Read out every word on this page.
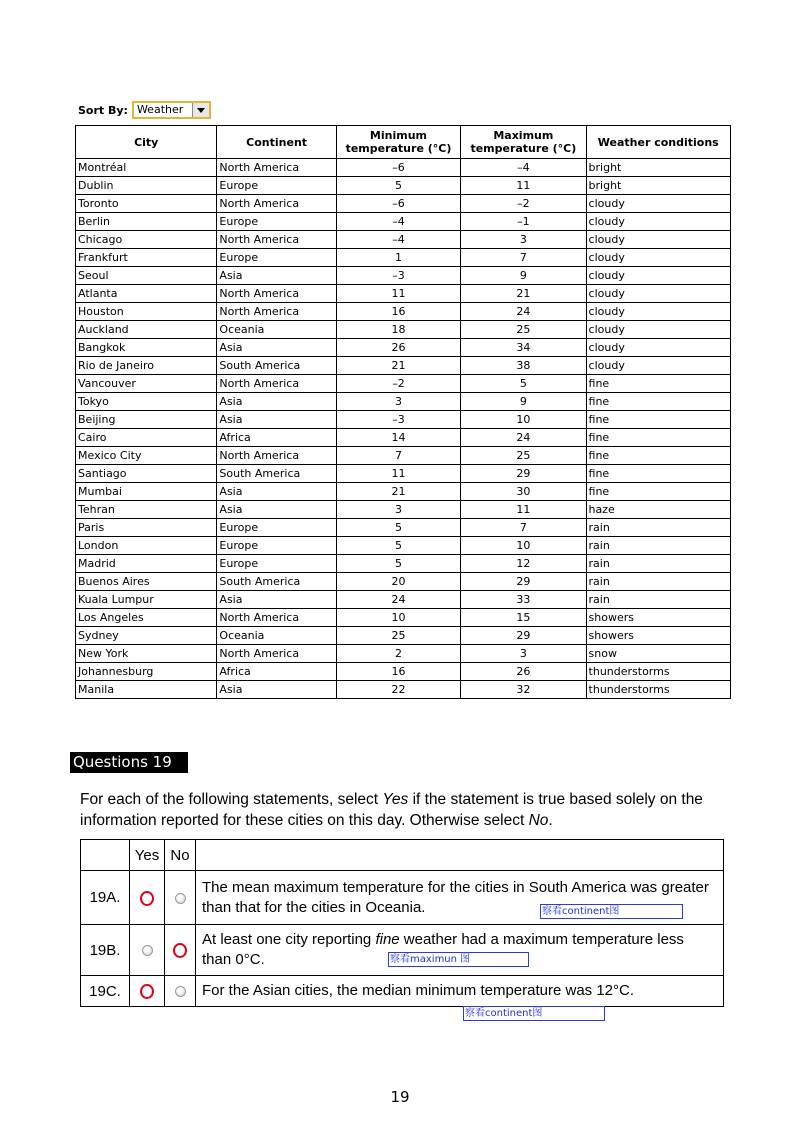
Sort By: Weather
City	Continent	Minimum temperature (°C)	Maximum temperature (°C)	Weather conditions
Montréal	North America	–6	–4	bright
Dublin	Europe	5	11	bright
Toronto	North America	–6	–2	cloudy
Berlin	Europe	–4	–1	cloudy
Chicago	North America	–4	3	cloudy
Frankfurt	Europe	1	7	cloudy
Seoul	Asia	–3	9	cloudy
Atlanta	North America	11	21	cloudy
Houston	North America	16	24	cloudy
Auckland	Oceania	18	25	cloudy
Bangkok	Asia	26	34	cloudy
Rio de Janeiro	South America	21	38	cloudy
Vancouver	North America	–2	5	fine
Tokyo	Asia	3	9	fine
Beijing	Asia	–3	10	fine
Cairo	Africa	14	24	fine
Mexico City	North America	7	25	fine
Santiago	South America	11	29	fine
Mumbai	Asia	21	30	fine
Tehran	Asia	3	11	haze
Paris	Europe	5	7	rain
London	Europe	5	10	rain
Madrid	Europe	5	12	rain
Buenos Aires	South America	20	29	rain
Kuala Lumpur	Asia	24	33	rain
Los Angeles	North America	10	15	showers
Sydney	Oceania	25	29	showers
New York	North America	2	3	snow
Johannesburg	Africa	16	26	thunderstorms
Manila	Asia	22	32	thunderstorms
Questions 19
For each of the following statements, select Yes if the statement is true based solely on the information reported for these cities on this day. Otherwise select No.
	Yes	No	
19A.			The mean maximum temperature for the cities in South America was greater than that for the cities in Oceania.
19B.			At least one city reporting fine weather had a maximum temperature less than 0°C.
19C.			For the Asian cities, the median minimum temperature was 12°C.
察看continent图
察看maximun 图
察看continent图
19
